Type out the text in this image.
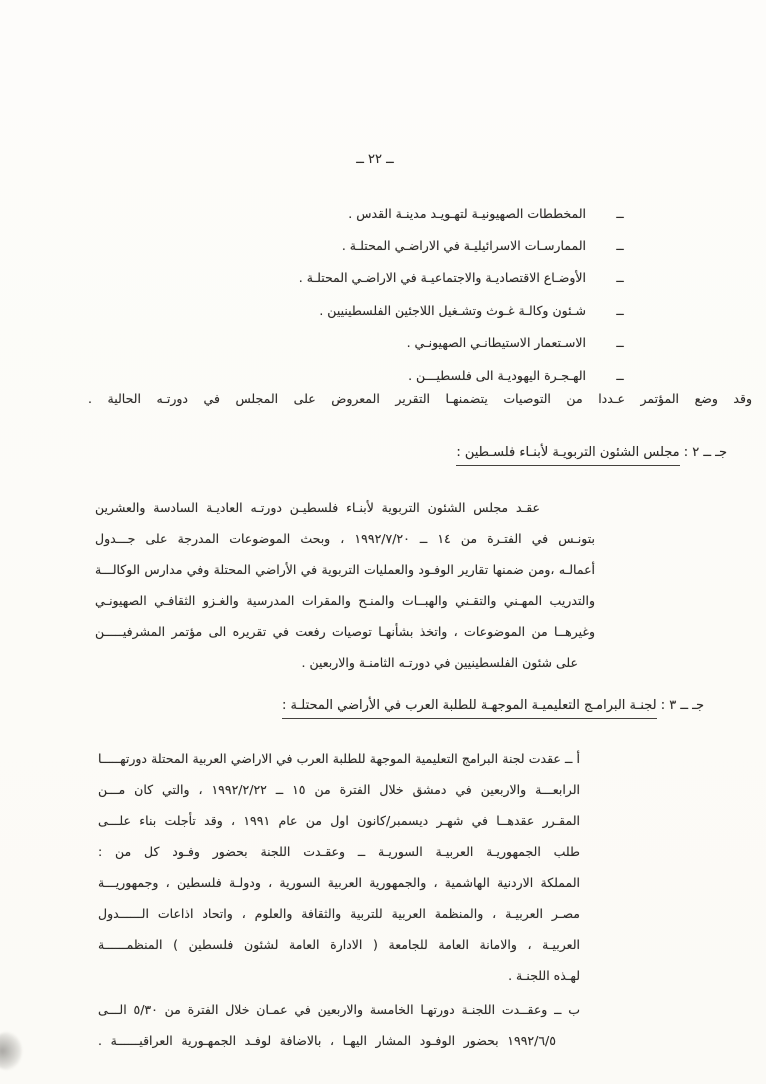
ــ ٢٢ ــ
ــ
المخططات الصهيونيـة لتهـويـد مدينـة القدس .
ــ
الممارسـات الاسرائيليـة في الاراضـي المحتلـة .
ــ
الأوضـاع الاقتصاديـة والاجتماعيـة في الاراضـي المحتلـة .
ــ
شـئون وكالـة غـوث وتشـغيل اللاجئين الفلسطينيين .
ــ
الاسـتعمار الاستيطانـي الصهيونـي .
ــ
الهـجـرة اليهوديـة الى فلسطيـــن .
وقد وضع المؤتمر عـددا من التوصيات يتضمنهـا التقرير المعروض على المجلس في دورتـه الحالية .
جـ ــ ٢ : مجلس الشئون التربويـة لأبنـاء فلسـطين :
عقـد مجلس الشئون التربوية لأبنـاء فلسطيـن دورتـه العاديـة السادسة والعشرين
بتونـس في الفتـرة من ١٤ ــ ١٩٩٢/٧/٢٠ ، وبحث الموضوعات المدرجة على جـــدول
أعمالـه ،ومن ضمنها تقارير الوفـود والعمليات التربوية في الأراضي المحتلة وفي مدارس الوكالـــة
والتدريب المهـني والتقـني والهبــات والمنـح والمقرات المدرسية والغـزو الثقافـي الصهيونـي
وغيرهــا من الموضوعات ، واتخذ بشأنهـا توصيات رفعت في تقريره الى مؤتمر المشرفيـــــن
على شئون الفلسطينيين في دورتـه الثامنـة والاربعين .
جـ ــ ٣ : لجنـة البرامـج التعليميـة الموجهـة للطلبة العرب في الأراضي المحتلـة :
أ ــ عقدت لجنة البرامج التعليمية الموجهة للطلبة العرب في الاراضي العربية المحتلة دورتهـــــا
الرابعـــة والاربعين في دمشق خلال الفترة من ١٥ ــ ١٩٩٢/٢/٢٢ ، والتي كان مـــن
المقـرر عقدهــا في شهـر ديسمبر/كانون اول من عام ١٩٩١ ، وقد تأجلت بناء علـــى
طلب الجمهوريـة العربيـة السوريـة ــ وعقـدت اللجنة بحضور وفـود كل من :
المملكة الاردنية الهاشمية ، والجمهورية العربية السورية ، ودولـة فلسطين ، وجمهوريـــة
مصـر العربيـة ، والمنظمة العربية للتربية والثقافة والعلوم ، واتحاد اذاعات الــــــدول
العربيـة ، والامانة العامة للجامعة ( الادارة العامة لشئون فلسطين ) المنظمــــــة
لهـذه اللجنـة .
ب ــ وعقــدت اللجنـة دورتهـا الخامسة والاربعين في عمـان خلال الفترة من ٥/٣٠ الـــى
١٩٩٢/٦/٥ بحضور الوفـود المشار اليهـا ، بالاضافة لوفـد الجمهـورية العراقيــــــة .
